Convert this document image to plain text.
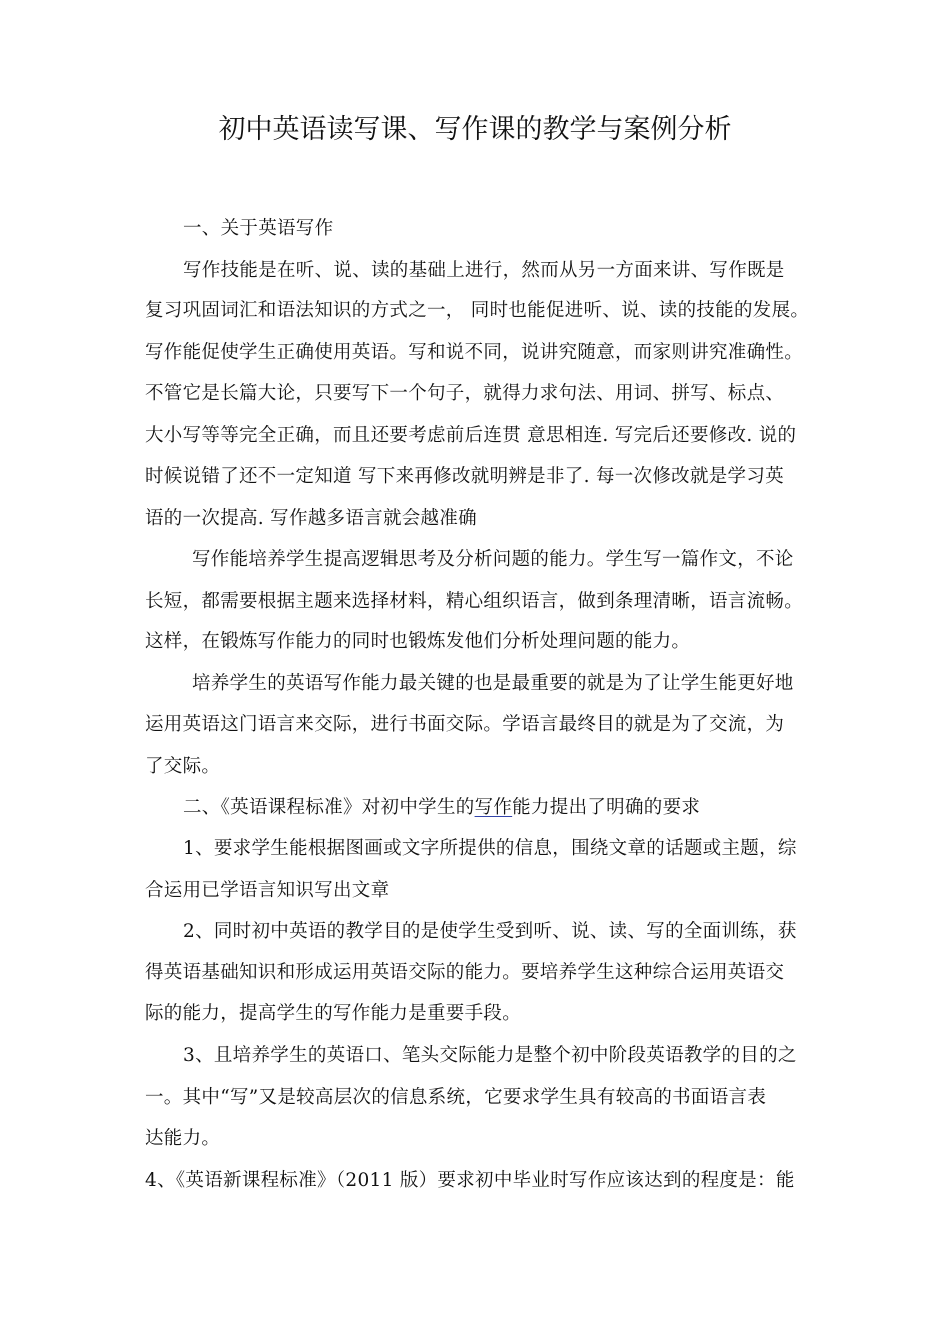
初中英语读写课、写作课的教学与案例分析
一、关于英语写作
写作技能是在听、说、读的基础上进行，然而从另一方面来讲、写作既是
复习巩固词汇和语法知识的方式之一， 同时也能促进听、说、读的技能的发展。
写作能促使学生正确使用英语。写和说不同，说讲究随意，而家则讲究准确性。
不管它是长篇大论，只要写下一个句子，就得力求句法、用词、拼写、标点、
大小写等等完全正确，而且还要考虑前后连贯 意思相连. 写完后还要修改. 说的
时候说错了还不一定知道 写下来再修改就明辨是非了. 每一次修改就是学习英
语的一次提高. 写作越多语言就会越准确
写作能培养学生提高逻辑思考及分析问题的能力。学生写一篇作文，不论
长短，都需要根据主题来选择材料，精心组织语言，做到条理清晰，语言流畅。
这样，在锻炼写作能力的同时也锻炼发他们分析处理问题的能力。
培养学生的英语写作能力最关键的也是最重要的就是为了让学生能更好地
运用英语这门语言来交际，进行书面交际。学语言最终目的就是为了交流，为
了交际。
二、《英语课程标准》对初中学生的写作能力提出了明确的要求
1、要求学生能根据图画或文字所提供的信息，围绕文章的话题或主题，综
合运用已学语言知识写出文章
2、同时初中英语的教学目的是使学生受到听、说、读、写的全面训练，获
得英语基础知识和形成运用英语交际的能力。要培养学生这种综合运用英语交
际的能力，提高学生的写作能力是重要手段。
3、且培养学生的英语口、笔头交际能力是整个初中阶段英语教学的目的之
一。其中“写”又是较高层次的信息系统，它要求学生具有较高的书面语言表
达能力。
4、《英语新课程标准》（2011 版）要求初中毕业时写作应该达到的程度是：能
